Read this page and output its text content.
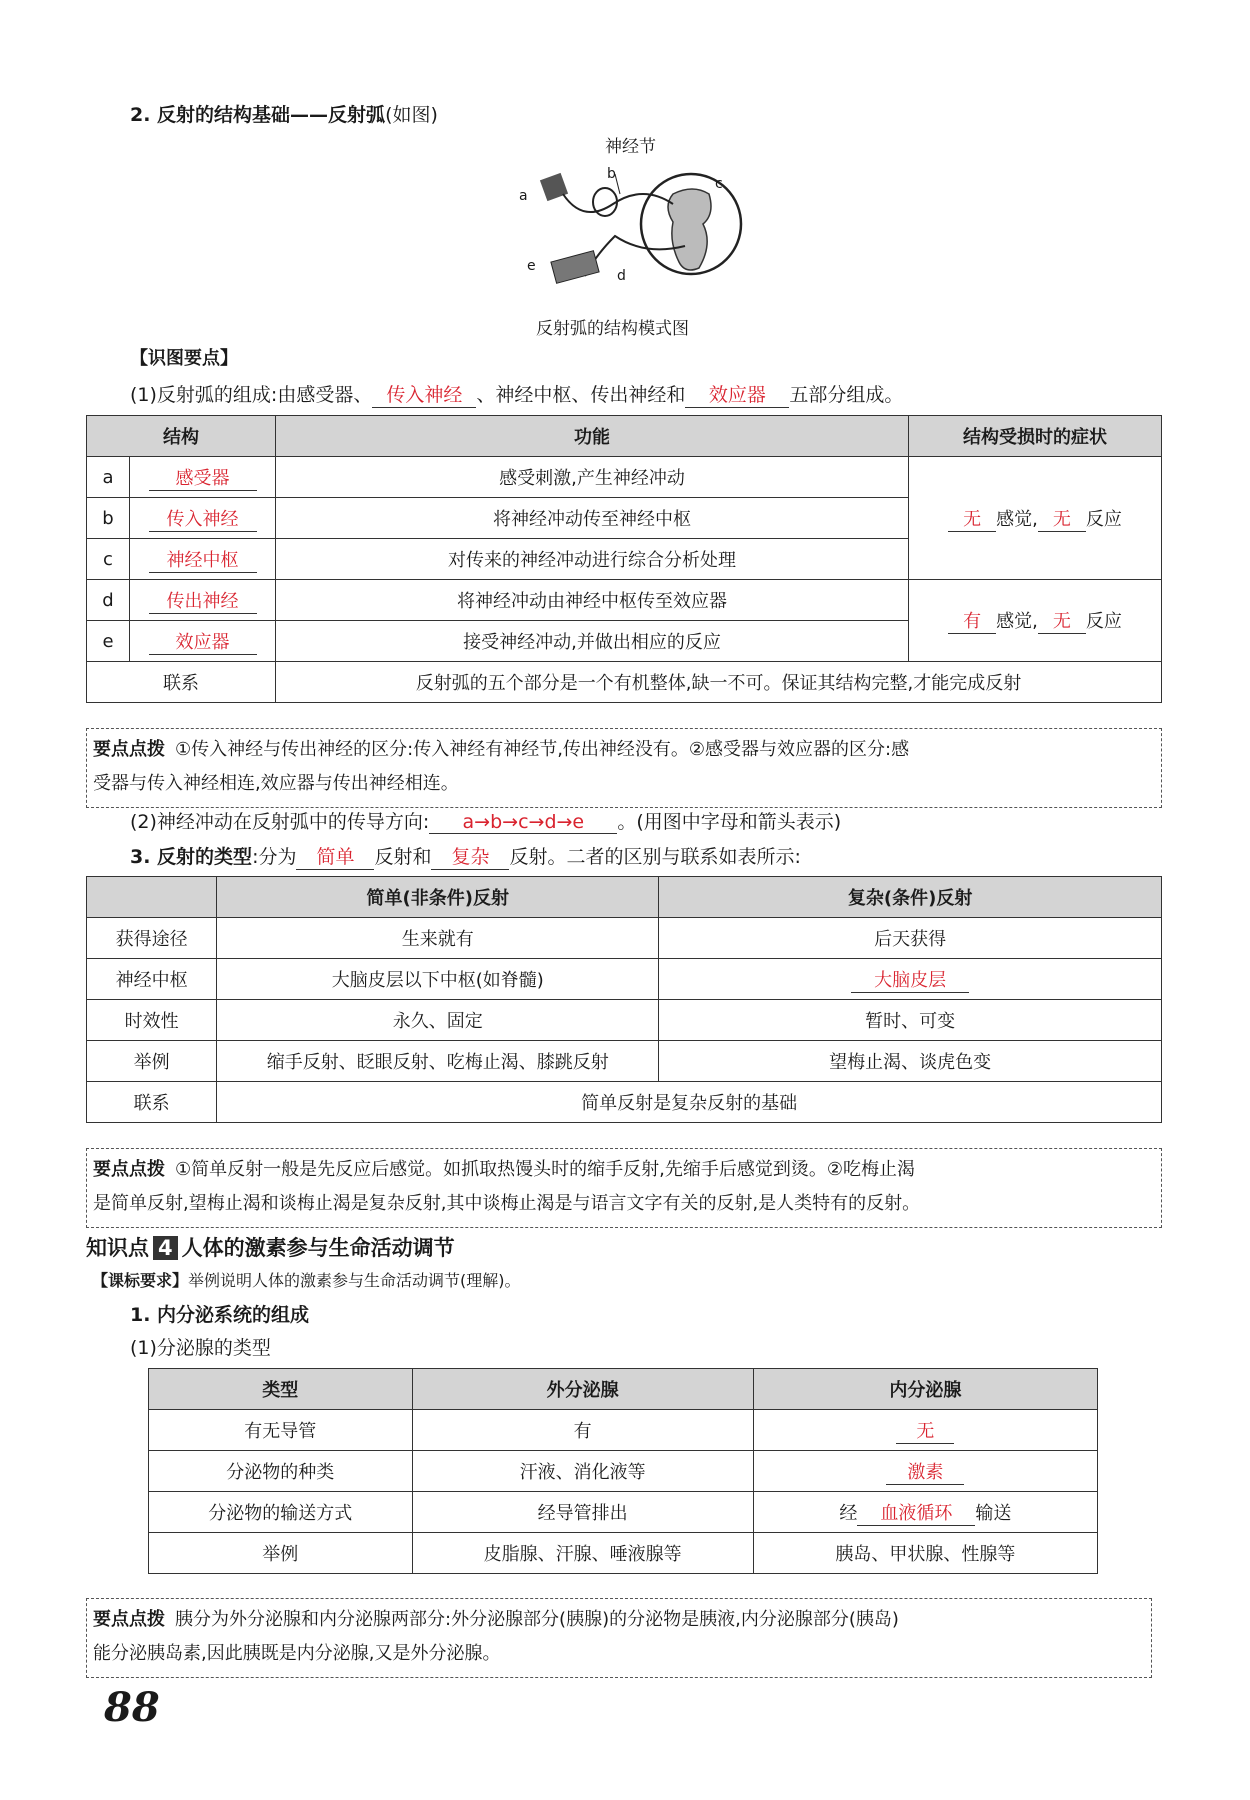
2. 反射的结构基础——反射弧(如图)
神经节
a
b
c
d
e
反射弧的结构模式图
【识图要点】
(1)反射弧的组成:由感受器、 传入神经 、神经中枢、传出神经和 效应器 五部分组成。
结构		功能	结构受损时的症状
a	感受器	感受刺激,产生神经冲动	无 感觉, 无 反应
b	传入神经	将神经冲动传至神经中枢	
c	神经中枢	对传来的神经冲动进行综合分析处理	
d	传出神经	将神经冲动由神经中枢传至效应器	有 感觉, 无 反应
e	效应器	接受神经冲动,并做出相应的反应	
联系		反射弧的五个部分是一个有机整体,缺一不可。保证其结构完整,才能完成反射	
要点点拨 ①传入神经与传出神经的区分:传入神经有神经节,传出神经没有。②感受器与效应器的区分:感
受器与传入神经相连,效应器与传出神经相连。
(2)神经冲动在反射弧中的传导方向: a→b→c→d→e 。(用图中字母和箭头表示)
3. 反射的类型:分为 简单 反射和 复杂 反射。二者的区别与联系如表所示:
	简单(非条件)反射	复杂(条件)反射
获得途径	生来就有	后天获得
神经中枢	大脑皮层以下中枢(如脊髓)	大脑皮层
时效性	永久、固定	暂时、可变
举例	缩手反射、眨眼反射、吃梅止渴、膝跳反射	望梅止渴、谈虎色变
联系	简单反射是复杂反射的基础	
要点点拨 ①简单反射一般是先反应后感觉。如抓取热馒头时的缩手反射,先缩手后感觉到烫。②吃梅止渴
是简单反射,望梅止渴和谈梅止渴是复杂反射,其中谈梅止渴是与语言文字有关的反射,是人类特有的反射。
知识点 4 人体的激素参与生命活动调节
【课标要求】举例说明人体的激素参与生命活动调节(理解)。
1. 内分泌系统的组成
(1)分泌腺的类型
类型	外分泌腺	内分泌腺
有无导管	有	无
分泌物的种类	汗液、消化液等	激素
分泌物的输送方式	经导管排出	经 血液循环 输送
举例	皮脂腺、汗腺、唾液腺等	胰岛、甲状腺、性腺等
要点点拨 胰分为外分泌腺和内分泌腺两部分:外分泌腺部分(胰腺)的分泌物是胰液,内分泌腺部分(胰岛)
能分泌胰岛素,因此胰既是内分泌腺,又是外分泌腺。
88
